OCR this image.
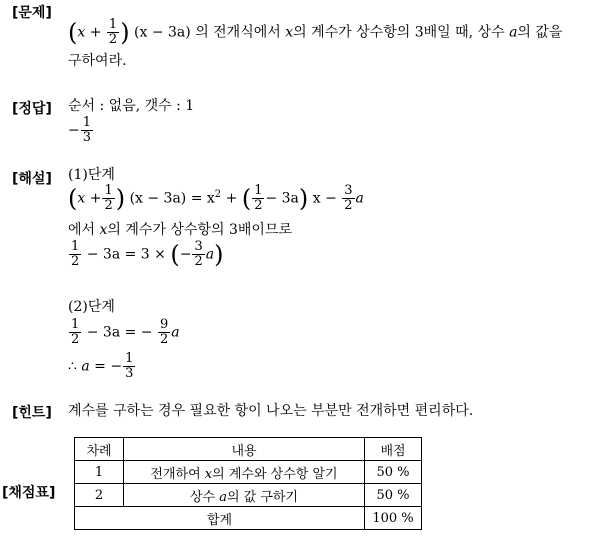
[문제]
($x + \frac{1}{2}$ ) (x − 3a) 의 전개식에서 x의 계수가 상수항의 3배일 때, 상수 a의 값을
구하여라.
[정답] 순서 : 없음, 갯수 : 1
− $\frac{1}{3}$
[해설] (1)단계
($x + \frac{1}{2}$ ) $(x - 3a) = x^2$ + ( $\frac{1}{2} - 3a$) $x - \frac{3}{2}$ a
에서 x의 계수가 상수항의 3배이므로
$\frac{1}{2} - 3a = 3$ × (− $\frac{3}{2} a$)
(2)단계
$\frac{1}{2} - 3a$ = − $\frac{9}{2}$ a
∴ a = − $\frac{1}{3}$
[힌트] 계수를 구하는 경우 필요한 항이 나오는 부분만 전개하면 편리하다.
[채점표]
차례	내용	배점
1	전개하여 x의 계수와 상수항 알기	50 %
2	상수 a의 값 구하기	50 %
합계		100 %
